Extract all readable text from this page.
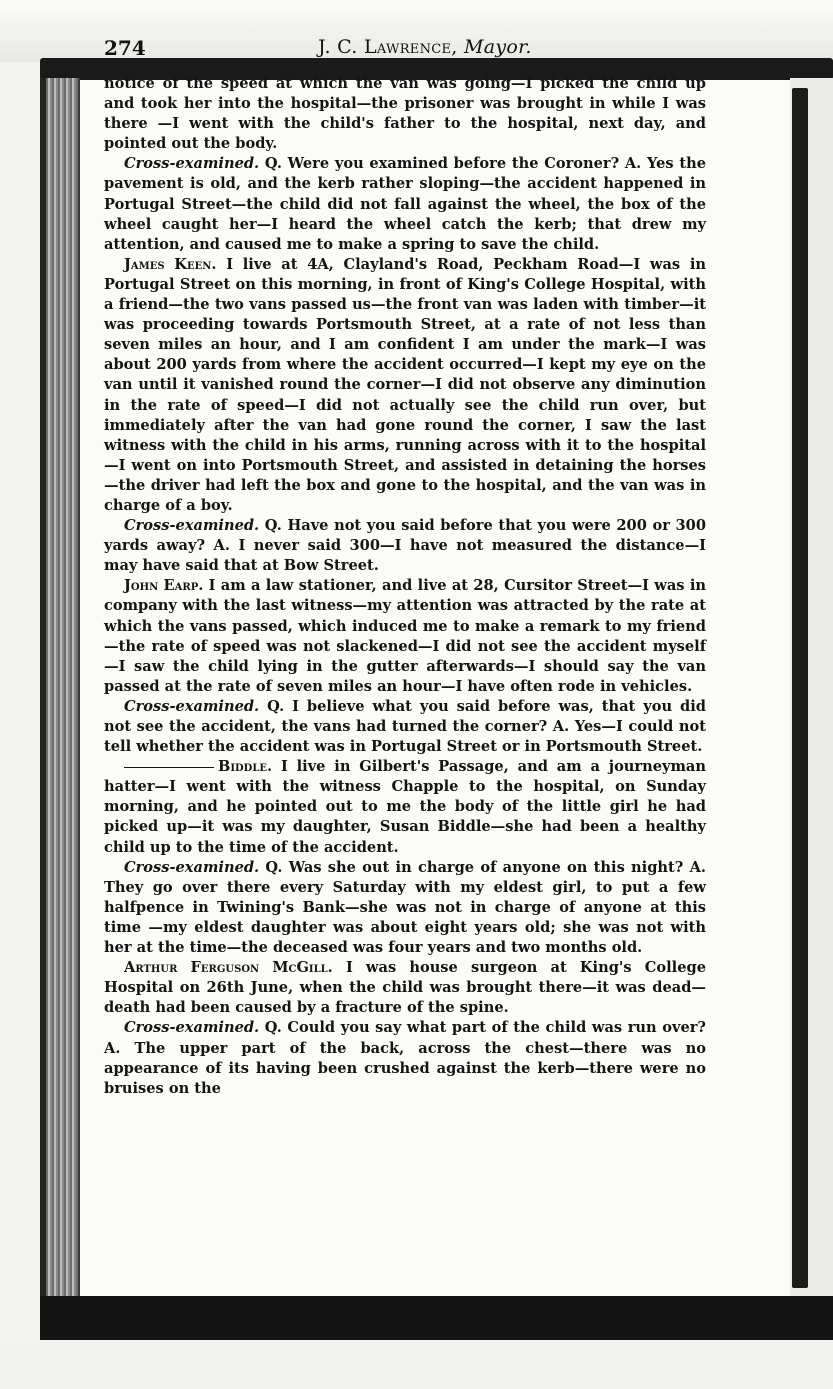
274	J. C. Lawrence, Mayor.

notice of the speed at which the van was going—I picked the child up and took her into the hospital—the prisoner was brought in while I was there —I went with the child's father to the hospital, next day, and pointed out the body.

Cross-examined. Q. Were you examined before the Coroner? A. Yes the pavement is old, and the kerb rather sloping—the accident happened in Portugal Street—the child did not fall against the wheel, the box of the wheel caught her—I heard the wheel catch the kerb; that drew my attention, and caused me to make a spring to save the child.

James Keen. I live at 4A, Clayland's Road, Peckham Road—I was in Portugal Street on this morning, in front of King's College Hospital, with a friend—the two vans passed us—the front van was laden with timber—it was proceeding towards Portsmouth Street, at a rate of not less than seven miles an hour, and I am confident I am under the mark—I was about 200 yards from where the accident occurred—I kept my eye on the van until it vanished round the corner—I did not observe any diminution in the rate of speed—I did not actually see the child run over, but immediately after the van had gone round the corner, I saw the last witness with the child in his arms, running across with it to the hospital—I went on into Portsmouth Street, and assisted in detaining the horses—the driver had left the box and gone to the hospital, and the van was in charge of a boy.

Cross-examined. Q. Have not you said before that you were 200 or 300 yards away? A. I never said 300—I have not measured the distance—I may have said that at Bow Street.

John Earp. I am a law stationer, and live at 28, Cursitor Street—I was in company with the last witness—my attention was attracted by the rate at which the vans passed, which induced me to make a remark to my friend—the rate of speed was not slackened—I did not see the accident myself—I saw the child lying in the gutter afterwards—I should say the van passed at the rate of seven miles an hour—I have often rode in vehicles.

Cross-examined. Q. I believe what you said before was, that you did not see the accident, the vans had turned the corner? A. Yes—I could not tell whether the accident was in Portugal Street or in Portsmouth Street.

Biddle. I live in Gilbert's Passage, and am a journeyman hatter—I went with the witness Chapple to the hospital, on Sunday morning, and he pointed out to me the body of the little girl he had picked up—it was my daughter, Susan Biddle—she had been a healthy child up to the time of the accident.

Cross-examined. Q. Was she out in charge of anyone on this night? A. They go over there every Saturday with my eldest girl, to put a few halfpence in Twining's Bank—she was not in charge of anyone at this time —my eldest daughter was about eight years old; she was not with her at the time—the deceased was four years and two months old.

Arthur Ferguson McGill. I was house surgeon at King's College Hospital on 26th June, when the child was brought there—it was dead—death had been caused by a fracture of the spine.

Cross-examined. Q. Could you say what part of the child was run over? A. The upper part of the back, across the chest—there was no appearance of its having been crushed against the kerb—there were no bruises on the
